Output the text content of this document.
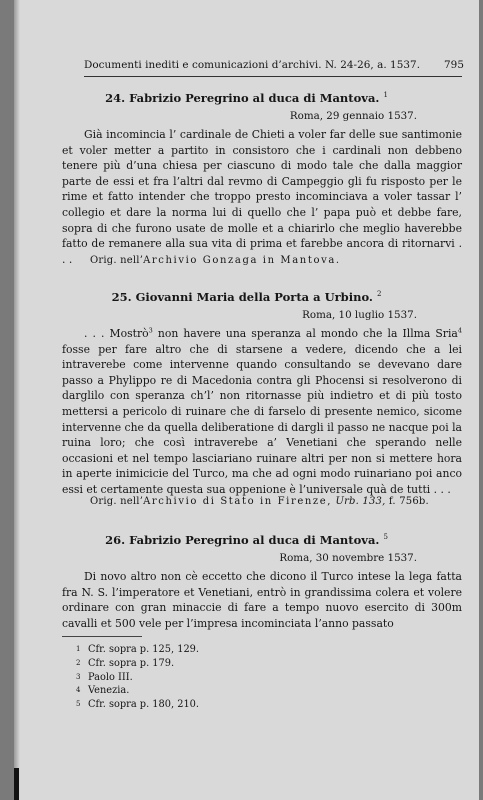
Documenti inediti e comunicazioni d’archivi. N. 24-26, a. 1537. 795
24. Fabrizio Peregrino al duca di Mantova. $^1$
Roma, 29 gennaio 1537.

Già incomincia l’ cardinale de Chieti a voler far delle sue santimonie et voler metter a partito in consistoro che i cardinali non debbeno tenere più d’una chiesa per ciascuno di modo tale che dalla maggior parte de essi et fra l’altri dal revmo di Campeggio gli fu risposto per le rime et fatto intender che troppo presto incominciava a voler tassar l’ collegio et dare la norma lui di quello che l’ papa può et debbe fare, sopra di che furono usate de molle et a chiarirlo che meglio haverebbe fatto de remanere alla sua vita di prima et farebbe ancora di ritornarvi . . .	Orig. nell’Archivio Gonzaga in Mantova.
25. Giovanni Maria della Porta a Urbino. $^2$
Roma, 10 luglio 1537.

. . . Mostrò$^3$ non havere una speranza al mondo che la Illma Sria$^4$ fosse per fare altro che di starsene a vedere, dicendo che a lei intraverebe come intervenne quando consultando se devevano dare passo a Phylippo re di Macedonia contra gli Phocensi si resolverono di darglilo con speranza ch’l’ non ritornasse più indietro et di più tosto mettersi a pericolo di ruinare che di farselo di presente nemico, sicome intervenne che da quella deliberatione di dargli il passo ne nacque poi la ruina loro; che così intraverebe a’ Venetiani che sperando nelle occasioni et nel tempo lasciariano ruinare altri per non si mettere hora in aperte inimicicie del Turco, ma che ad ogni modo ruinariano poi anco essi et certamente questa sua oppenione è l’universale quà de tutti . . .

Orig. nell’Archivio di Stato in Firenze, Urb. 133, f. 756b.
26. Fabrizio Peregrino al duca di Mantova. $^5$
Roma, 30 novembre 1537.

Di novo altro non cè eccetto che dicono il Turco intese la lega fatta fra N. S. l’imperatore et Venetiani, entrò in grandissima colera et volere ordinare con gran minaccie di fare a tempo nuovo esercito di 300m cavalli et 500 vele per l’impresa incominciata l’anno passato

1 Cfr. sopra p. 125, 129.
2 Cfr. sopra p. 179.
3 Paolo III.
4 Venezia.
5 Cfr. sopra p. 180, 210.
